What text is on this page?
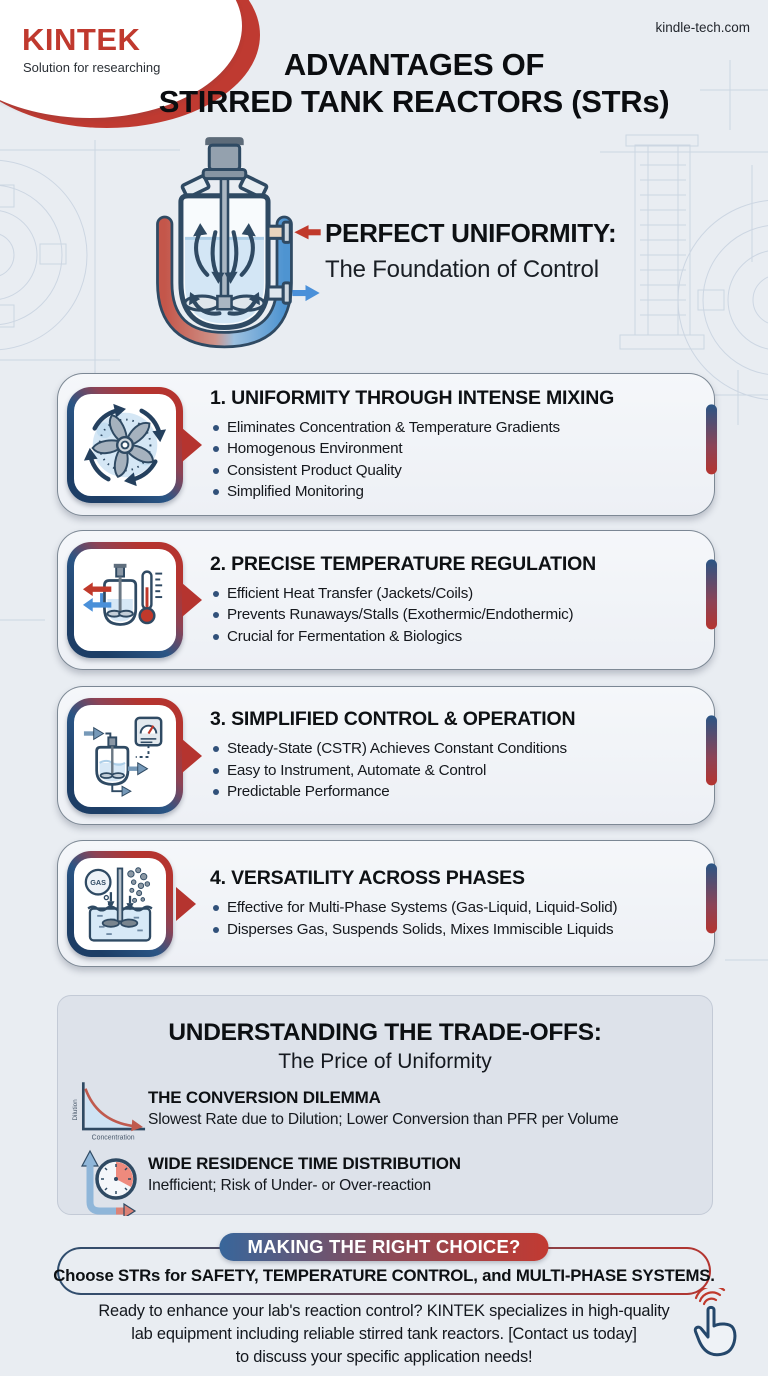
KINTEK
Solution for researching
kindle-tech.com
ADVANTAGES OF
STIRRED TANK REACTORS (STRs)
PERFECT UNIFORMITY:
The Foundation of Control
1. UNIFORMITY THROUGH INTENSE MIXING
Eliminates Concentration & Temperature Gradients
Homogenous Environment
Consistent Product Quality
Simplified Monitoring
2. PRECISE TEMPERATURE REGULATION
Efficient Heat Transfer (Jackets/Coils)
Prevents Runaways/Stalls (Exothermic/Endothermic)
Crucial for Fermentation & Biologics
3. SIMPLIFIED CONTROL & OPERATION
Steady-State (CSTR) Achieves Constant Conditions
Easy to Instrument, Automate & Control
Predictable Performance
GAS	4. VERSATILITY ACROSS PHASES
Effective for Multi-Phase Systems (Gas-Liquid, Liquid-Solid)
Disperses Gas, Suspends Solids, Mixes Immiscible Liquids
UNDERSTANDING THE TRADE-OFFS:
The Price of Uniformity
Dilution
Concentration
THE CONVERSION DILEMMA
Slowest Rate due to Dilution; Lower Conversion than PFR per Volume
WIDE RESIDENCE TIME DISTRIBUTION
Inefficient; Risk of Under- or Over-reaction
MAKING THE RIGHT CHOICE?
Choose STRs for SAFETY, TEMPERATURE CONTROL, and MULTI-PHASE SYSTEMS.
Ready to enhance your lab's reaction control? KINTEK specializes in high-quality
lab equipment including reliable stirred tank reactors. [Contact us today]
to discuss your specific application needs!
